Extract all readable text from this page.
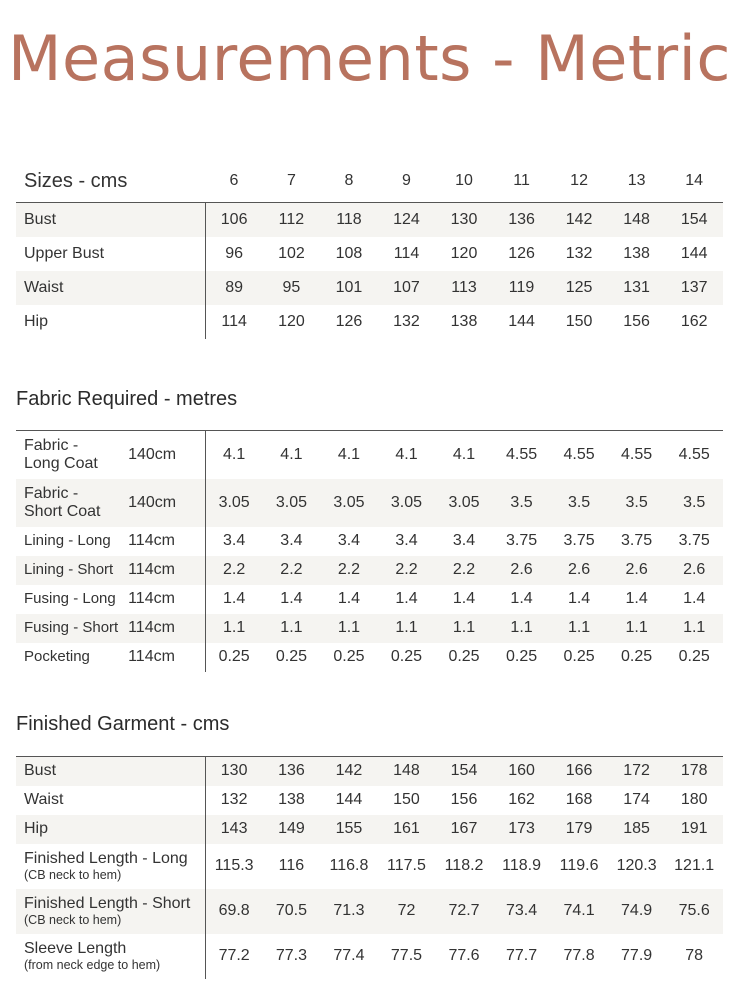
Measurements - Metric
Sizes - cms	6	7	8	9	10	11	12	13	14
Bust	106	112	118	124	130	136	142	148	154
Upper Bust	96	102	108	114	120	126	132	138	144
Waist	89	95	101	107	113	119	125	131	137
Hip	114	120	126	132	138	144	150	156	162
Fabric Required - metres
Fabric -
Long Coat	140cm	4.1	4.1	4.1	4.1	4.1	4.55	4.55	4.55	4.55

Fabric -
Short Coat	140cm	3.05	3.05	3.05	3.05	3.05	3.5	3.5	3.5	3.5

Lining - Long	114cm	3.4	3.4	3.4	3.4	3.4	3.75	3.75	3.75	3.75

Lining - Short	114cm	2.2	2.2	2.2	2.2	2.2	2.6	2.6	2.6	2.6

Fusing - Long	114cm	1.4	1.4	1.4	1.4	1.4	1.4	1.4	1.4	1.4

Fusing - Short	114cm	1.1	1.1	1.1	1.1	1.1	1.1	1.1	1.1	1.1

Pocketing	114cm	0.25	0.25	0.25	0.25	0.25	0.25	0.25	0.25	0.25
Finished Garment - cms
Bust	130	136	142	148	154	160	166	172	178

Waist	132	138	144	150	156	162	168	174	180

Hip	143	149	155	161	167	173	179	185	191

Finished Length - Long
(CB neck to hem)	115.3	116	116.8	117.5	118.2	118.9	119.6	120.3	121.1

Finished Length - Short
(CB neck to hem)	69.8	70.5	71.3	72	72.7	73.4	74.1	74.9	75.6

Sleeve Length
(from neck edge to hem)	77.2	77.3	77.4	77.5	77.6	77.7	77.8	77.9	78
